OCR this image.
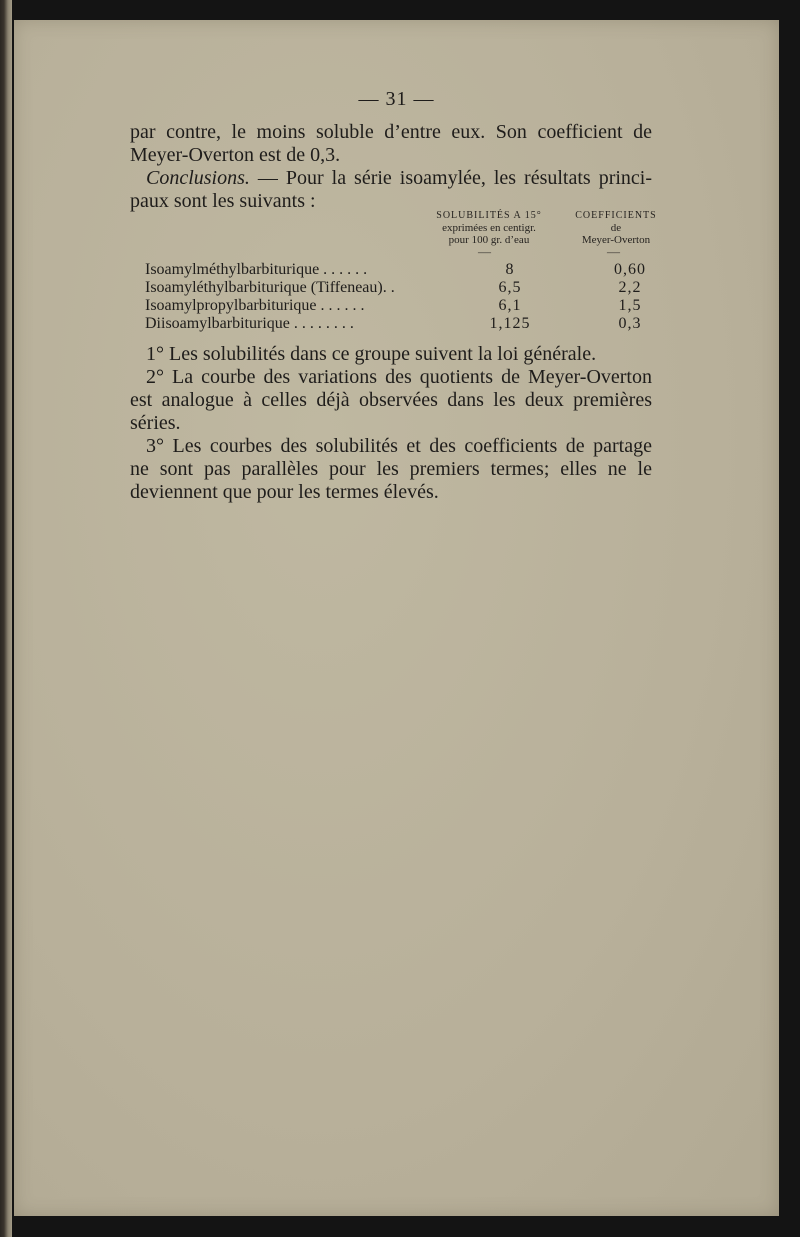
— 31 —

par contre, le moins soluble d’entre eux. Son coefficient de

Meyer-Overton est de 0,3.

Conclusions. — Pour la série isoamylée, les résultats princi-

paux sont les suivants :

SOLUBILITÉS A 15°
exprimées en centigr.
pour 100 gr. d’eau
COEFFICIENTS
de
Meyer-Overton
—	—
Isoamylméthylbarbiturique . . . . . .	8	0,60
Isoamyléthylbarbiturique (Tiffeneau). .	6,5	2,2
Isoamylpropylbarbiturique . . . . . .	6,1	1,5
Diisoamylbarbiturique . . . . . . . .	1,125	0,3

1° Les solubilités dans ce groupe suivent la loi générale.

2° La courbe des variations des quotients de Meyer-Overton

est analogue à celles déjà observées dans les deux premières

séries.

3° Les courbes des solubilités et des coefficients de partage

ne sont pas parallèles pour les premiers termes; elles ne le

deviennent que pour les termes élevés.
